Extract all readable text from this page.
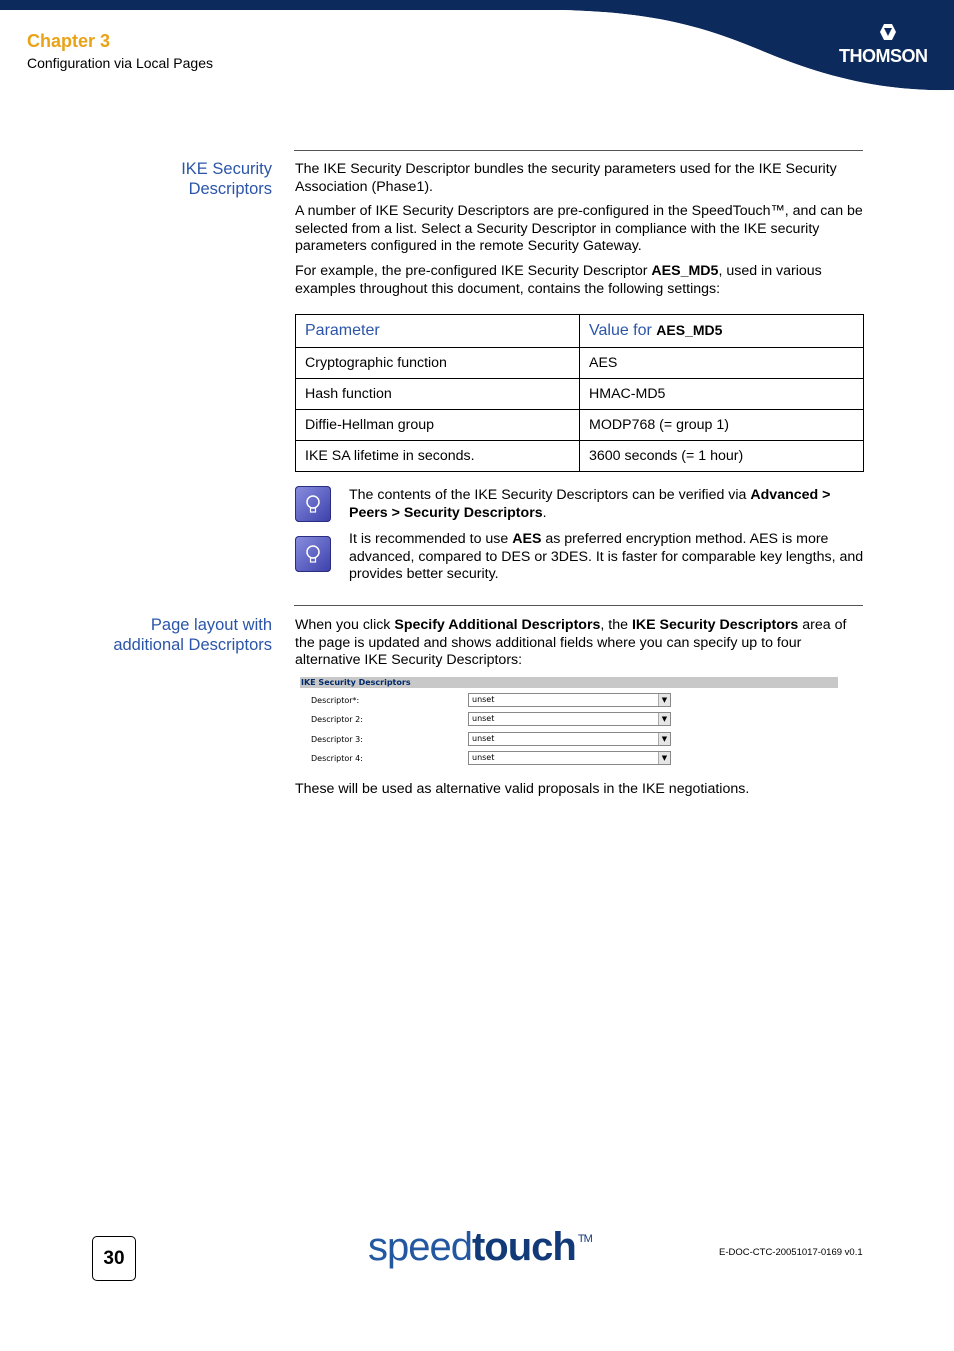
Chapter 3
Configuration via Local Pages	THOMSON
IKE Security
Descriptors
The IKE Security Descriptor bundles the security parameters used for the IKE Security Association (Phase1).
A number of IKE Security Descriptors are pre-configured in the SpeedTouch™, and can be selected from a list. Select a Security Descriptor in compliance with the IKE security parameters configured in the remote Security Gateway.
For example, the pre-configured IKE Security Descriptor AES_MD5, used in various examples throughout this document, contains the following settings:
Parameter	Value for AES_MD5
Cryptographic function	AES
Hash function	HMAC-MD5
Diffie-Hellman group	MODP768 (= group 1)
IKE SA lifetime in seconds.	3600 seconds (= 1 hour)
The contents of the IKE Security Descriptors can be verified via Advanced > Peers > Security Descriptors.
It is recommended to use AES as preferred encryption method. AES is more advanced, compared to DES or 3DES. It is faster for comparable key lengths, and provides better security.
Page layout with
additional Descriptors
When you click Specify Additional Descriptors, the IKE Security Descriptors area of the page is updated and shows additional fields where you can specify up to four alternative IKE Security Descriptors:
IKE Security Descriptors
Descriptor*:	unset	▼
Descriptor 2:	unset	▼
Descriptor 3:	unset	▼
Descriptor 4:	unset	▼
These will be used as alternative valid proposals in the IKE negotiations.
30	speedtouch ™
E-DOC-CTC-20051017-0169 v0.1
